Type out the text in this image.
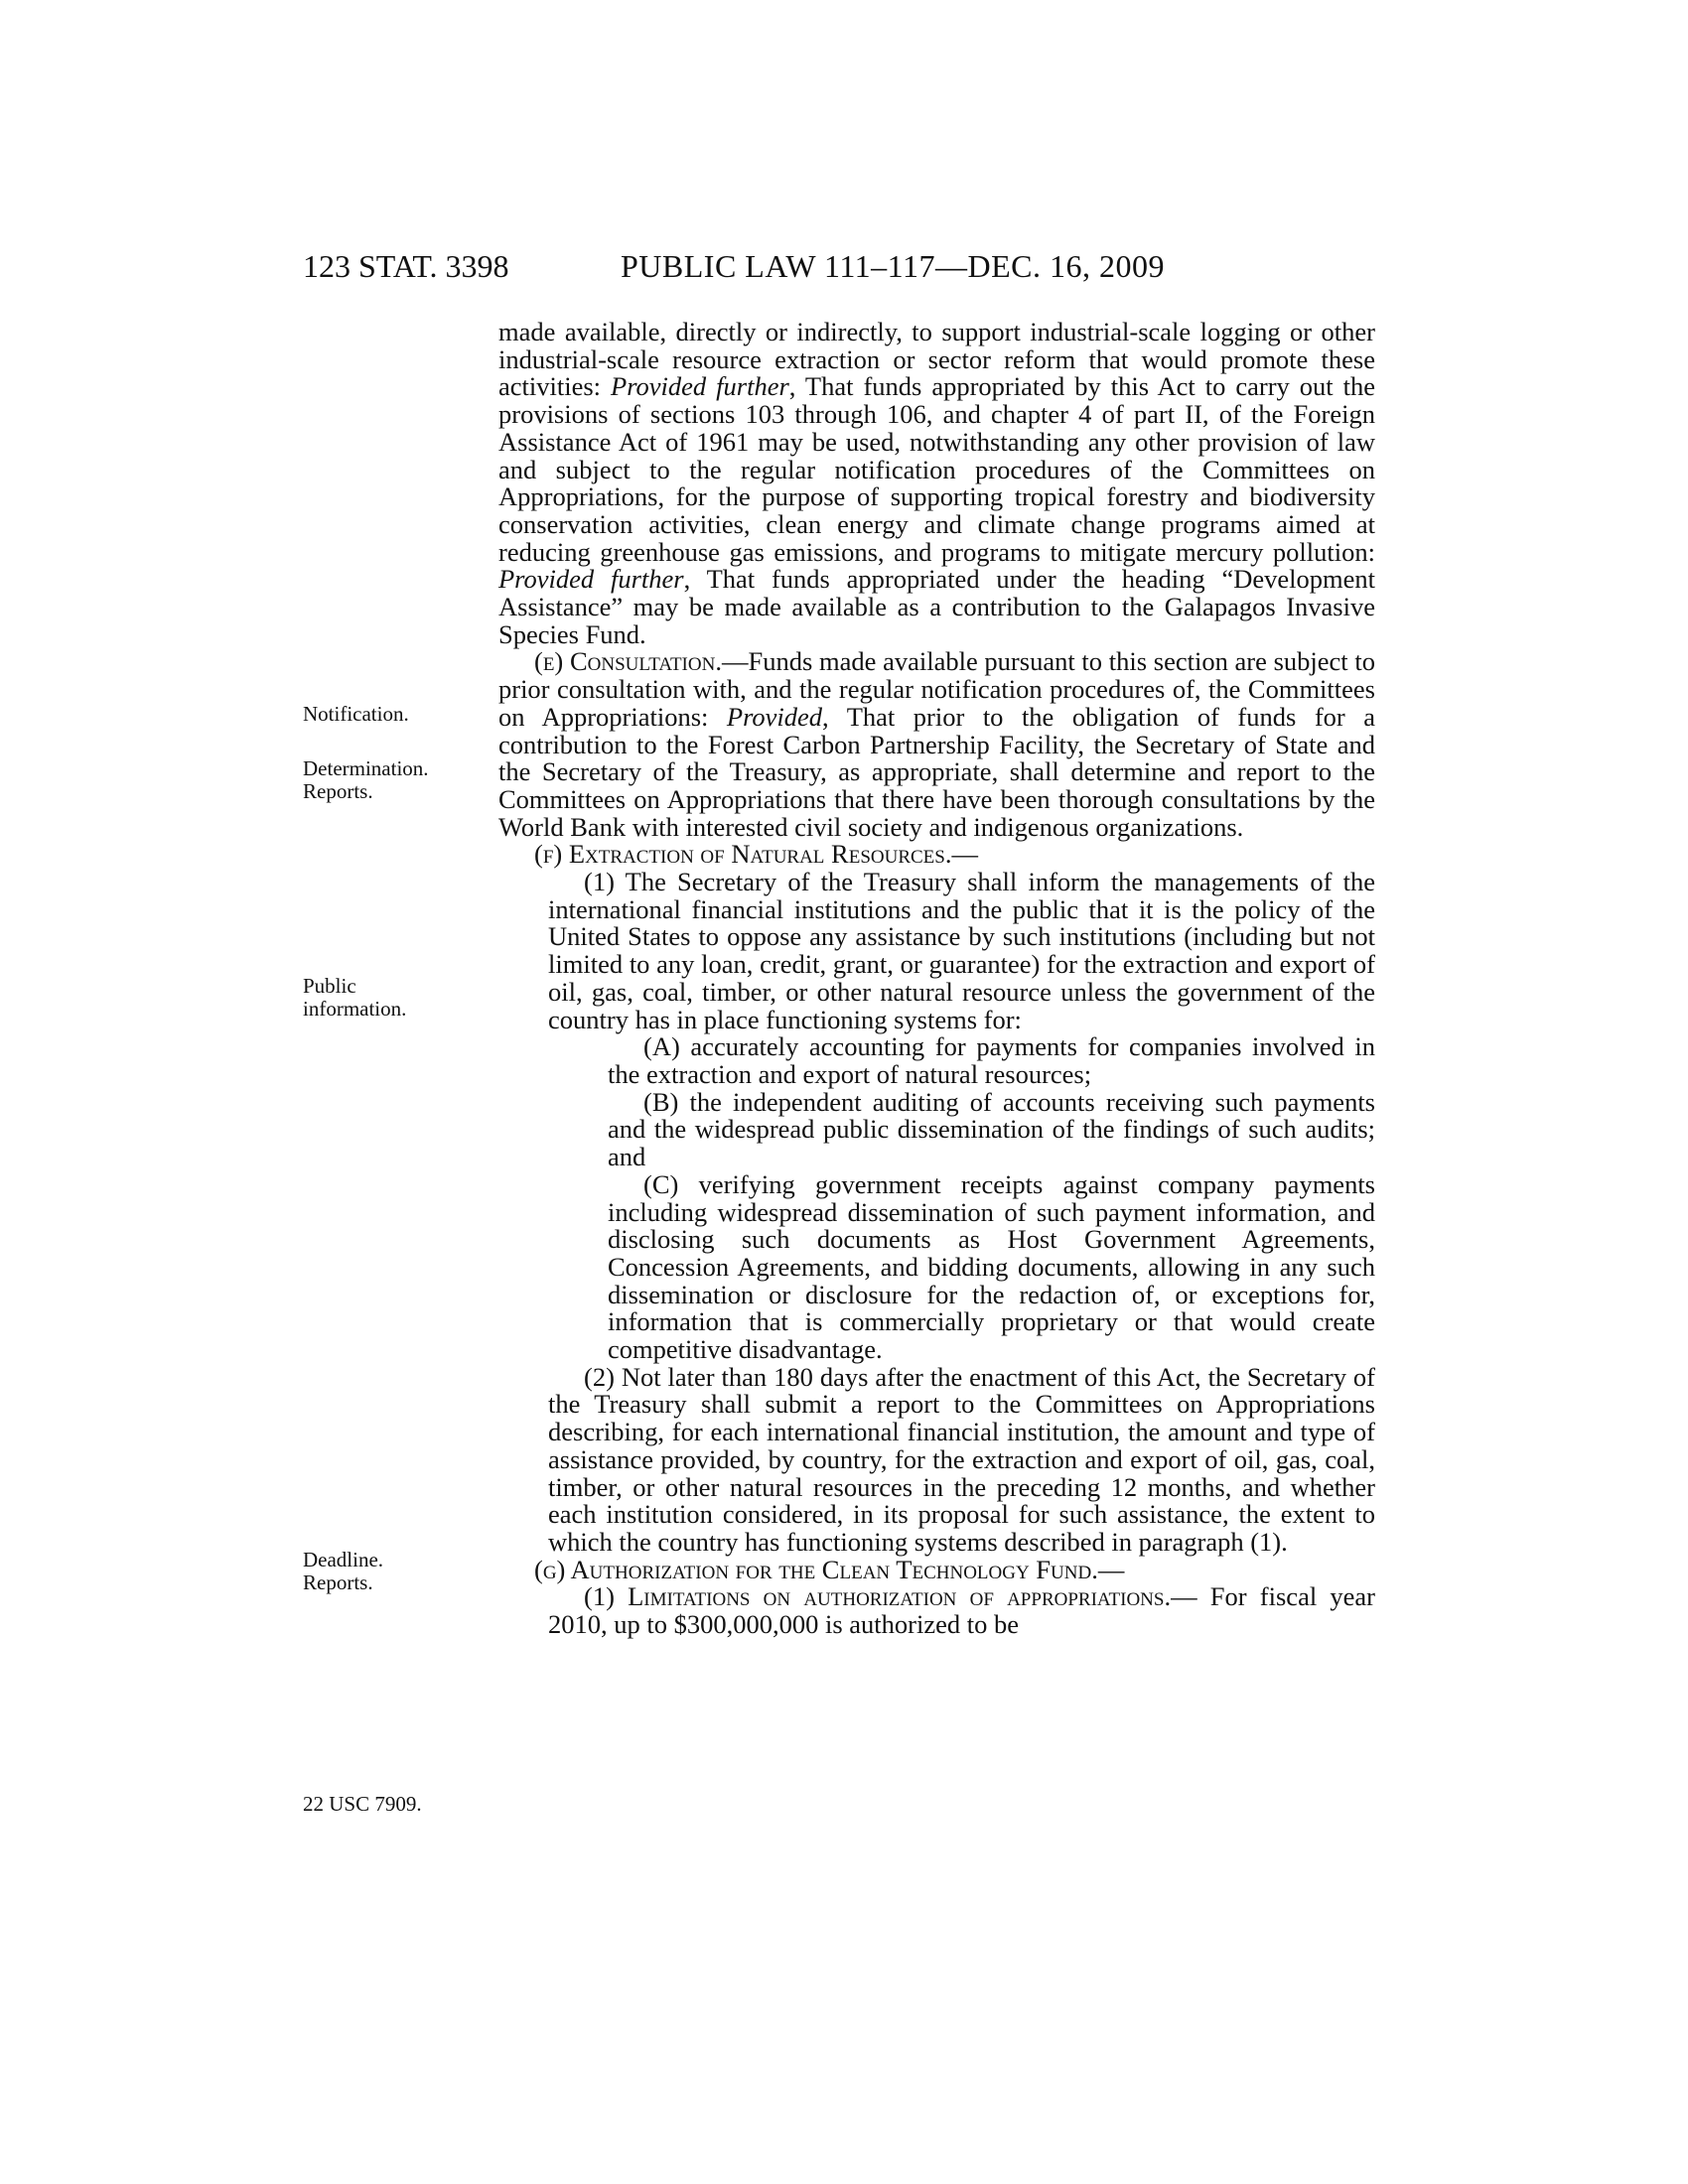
123 STAT. 3398	PUBLIC LAW 111–117—DEC. 16, 2009
Notification.
Determination.
Reports.
Public
information.
Deadline.
Reports.
22 USC 7909.

made available, directly or indirectly, to support industrial-scale logging or other industrial-scale resource extraction or sector reform that would promote these activities: Provided further, That funds appropriated by this Act to carry out the provisions of sections 103 through 106, and chapter 4 of part II, of the Foreign Assistance Act of 1961 may be used, notwithstanding any other provision of law and subject to the regular notification procedures of the Committees on Appropriations, for the purpose of supporting tropical forestry and biodiversity conservation activities, clean energy and climate change programs aimed at reducing greenhouse gas emissions, and programs to mitigate mercury pollution: Provided further, That funds appropriated under the heading “Development Assistance” may be made available as a contribution to the Galapagos Invasive Species Fund.

(e) Consultation.—Funds made available pursuant to this section are subject to prior consultation with, and the regular notification procedures of, the Committees on Appropriations: Provided, That prior to the obligation of funds for a contribution to the Forest Carbon Partnership Facility, the Secretary of State and the Secretary of the Treasury, as appropriate, shall determine and report to the Committees on Appropriations that there have been thorough consultations by the World Bank with interested civil society and indigenous organizations.

(f) Extraction of Natural Resources.—

(1) The Secretary of the Treasury shall inform the managements of the international financial institutions and the public that it is the policy of the United States to oppose any assistance by such institutions (including but not limited to any loan, credit, grant, or guarantee) for the extraction and export of oil, gas, coal, timber, or other natural resource unless the government of the country has in place functioning systems for:

(A) accurately accounting for payments for companies involved in the extraction and export of natural resources;

(B) the independent auditing of accounts receiving such payments and the widespread public dissemination of the findings of such audits; and

(C) verifying government receipts against company payments including widespread dissemination of such payment information, and disclosing such documents as Host Government Agreements, Concession Agreements, and bidding documents, allowing in any such dissemination or disclosure for the redaction of, or exceptions for, information that is commercially proprietary or that would create competitive disadvantage.

(2) Not later than 180 days after the enactment of this Act, the Secretary of the Treasury shall submit a report to the Committees on Appropriations describing, for each international financial institution, the amount and type of assistance provided, by country, for the extraction and export of oil, gas, coal, timber, or other natural resources in the preceding 12 months, and whether each institution considered, in its proposal for such assistance, the extent to which the country has functioning systems described in paragraph (1).

(g) Authorization for the Clean Technology Fund.—

(1) Limitations on authorization of appropriations.— For fiscal year 2010, up to $300,000,000 is authorized to be
